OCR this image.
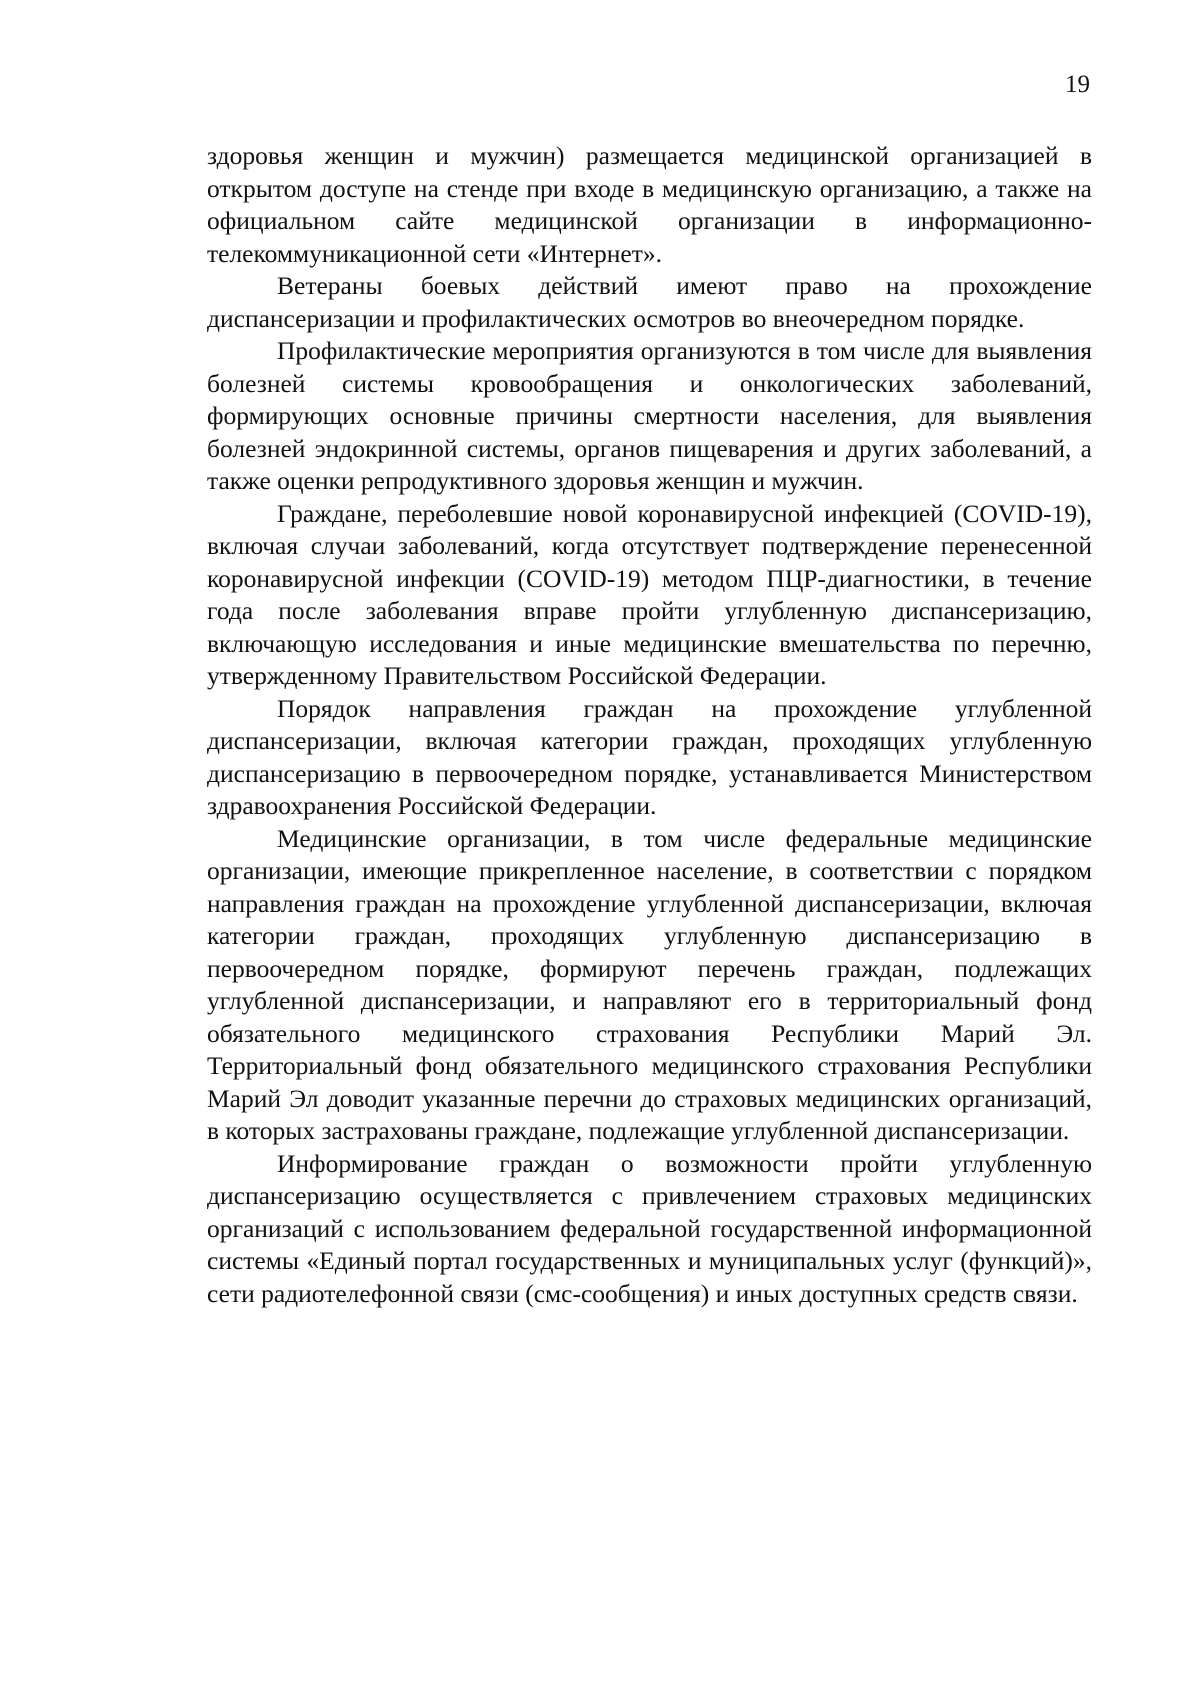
19

здоровья женщин и мужчин) размещается медицинской организацией в открытом доступе на стенде при входе в медицинскую организацию, а также на официальном сайте медицинской организации в информационно-телекоммуникационной сети «Интернет».

Ветераны боевых действий имеют право на прохождение диспансеризации и профилактических осмотров во внеочередном порядке.

Профилактические мероприятия организуются в том числе для выявления болезней системы кровообращения и онкологических заболеваний, формирующих основные причины смертности населения, для выявления болезней эндокринной системы, органов пищеварения и других заболеваний, а также оценки репродуктивного здоровья женщин и мужчин.

Граждане, переболевшие новой коронавирусной инфекцией (COVID-19), включая случаи заболеваний, когда отсутствует подтверждение перенесенной коронавирусной инфекции (COVID-19) методом ПЦР-диагностики, в течение года после заболевания вправе пройти углубленную диспансеризацию, включающую исследования и иные медицинские вмешательства по перечню, утвержденному Правительством Российской Федерации.

Порядок направления граждан на прохождение углубленной диспансеризации, включая категории граждан, проходящих углубленную диспансеризацию в первоочередном порядке, устанавливается Министерством здравоохранения Российской Федерации.

Медицинские организации, в том числе федеральные медицинские организации, имеющие прикрепленное население, в соответствии с порядком направления граждан на прохождение углубленной диспансеризации, включая категории граждан, проходящих углубленную диспансеризацию в первоочередном порядке, формируют перечень граждан, подлежащих углубленной диспансеризации, и направляют его в территориальный фонд обязательного медицинского страхования Республики Марий Эл. Территориальный фонд обязательного медицинского страхования Республики Марий Эл доводит указанные перечни до страховых медицинских организаций, в которых застрахованы граждане, подлежащие углубленной диспансеризации.

Информирование граждан о возможности пройти углубленную диспансеризацию осуществляется с привлечением страховых медицинских организаций с использованием федеральной государственной информационной системы «Единый портал государственных и муниципальных услуг (функций)», сети радиотелефонной связи (смс-сообщения) и иных доступных средств связи.
